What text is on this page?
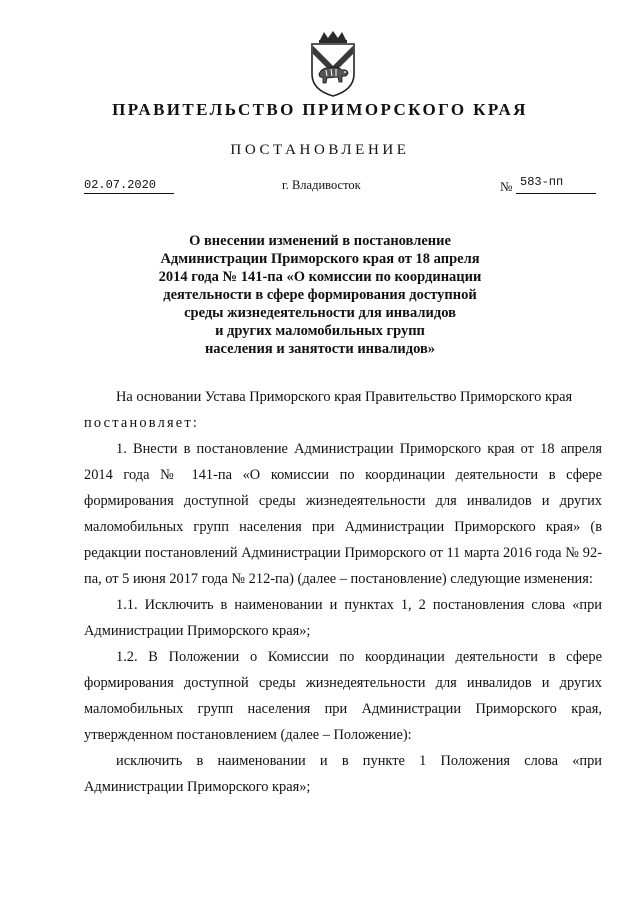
ПРАВИТЕЛЬСТВО ПРИМОРСКОГО КРАЯ
ПОСТАНОВЛЕНИЕ
02.07.2020	г. Владивосток	№ 583-пп
О внесении изменений в постановление
Администрации Приморского края от 18 апреля
2014 года № 141-па «О комиссии по координации
деятельности в сфере формирования доступной
среды жизнедеятельности для инвалидов
и других маломобильных групп
населения и занятости инвалидов»

На основании Устава Приморского края Правительство Приморского края

постановляет:

1. Внести в постановление Администрации Приморского края от 18 апреля 2014 года № 141-па «О комиссии по координации деятельности в сфере формирования доступной среды жизнедеятельности для инвалидов и других маломобильных групп населения при Администрации Приморского края» (в редакции постановлений Администрации Приморского от 11 марта 2016 года № 92-па, от 5 июня 2017 года № 212-па) (далее – постановление) следующие изменения:

1.1. Исключить в наименовании и пунктах 1, 2 постановления слова «при Администрации Приморского края»;

1.2. В Положении о Комиссии по координации деятельности в сфере формирования доступной среды жизнедеятельности для инвалидов и других маломобильных групп населения при Администрации Приморского края, утвержденном постановлением (далее – Положение):

исключить в наименовании и в пункте 1 Положения слова «при Администрации Приморского края»;
